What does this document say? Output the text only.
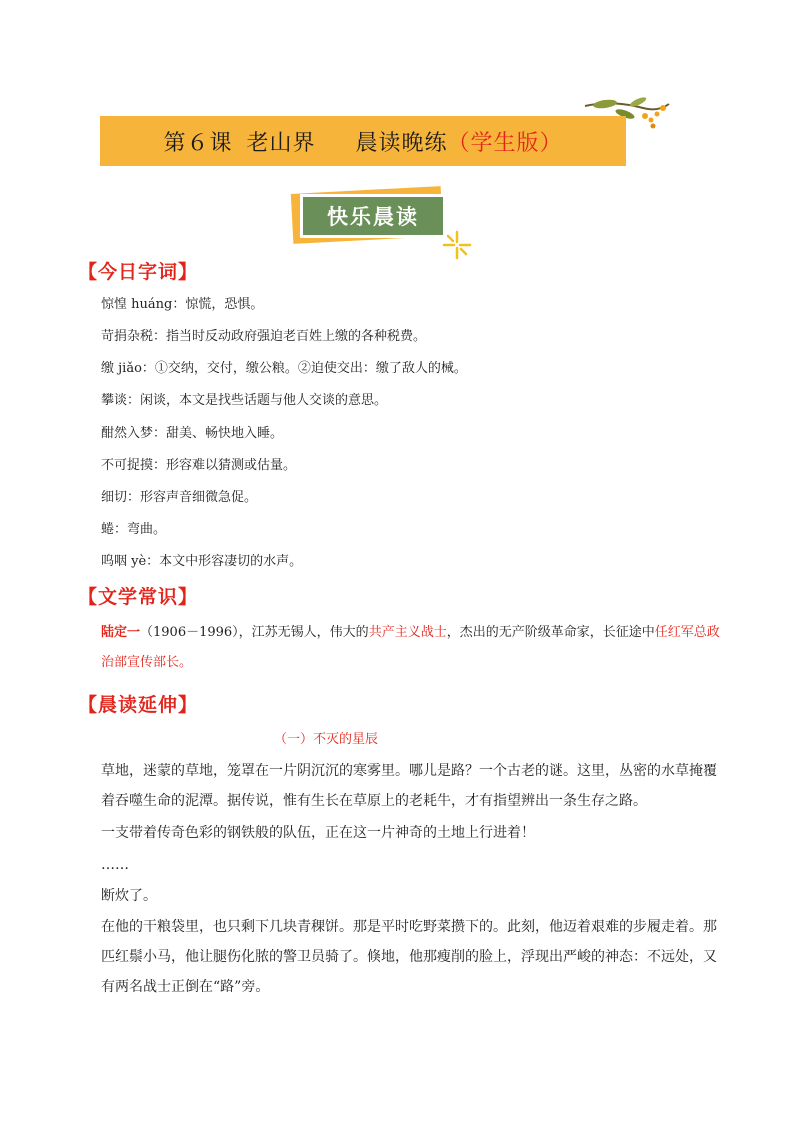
第６课 老山界 晨读晚练 （学生版）
快乐晨读
【今日字词】
惊惶 huáng：惊慌，恐惧。
苛捐杂税：指当时反动政府强迫老百姓上缴的各种税费。
缴 jiǎo：①交纳，交付，缴公粮。②迫使交出：缴了敌人的械。
攀谈：闲谈，本文是找些话题与他人交谈的意思。
酣然入梦：甜美、畅快地入睡。
不可捉摸：形容难以猜测或估量。
细切：形容声音细微急促。
蜷：弯曲。
呜咽 yè：本文中形容凄切的水声。
【文学常识】
陆定一（1906－1996），江苏无锡人，伟大的共产主义战士，杰出的无产阶级革命家，长征途中任红军总政治部宣传部长。
【晨读延伸】
（一）不灭的星辰
草地，迷蒙的草地，笼罩在一片阴沉沉的寒雾里。哪儿是路？一个古老的谜。这里，丛密的水草掩覆着吞噬生命的泥潭。据传说，惟有生长在草原上的老耗牛，才有指望辨出一条生存之路。
一支带着传奇色彩的钢铁般的队伍，正在这一片神奇的土地上行进着！
……
断炊了。
在他的干粮袋里，也只剩下几块青稞饼。那是平时吃野菜攒下的。此刻，他迈着艰难的步履走着。那匹红鬃小马，他让腿伤化脓的警卫员骑了。倏地，他那瘦削的脸上，浮现出严峻的神态：不远处，又有两名战士正倒在“路”旁。
